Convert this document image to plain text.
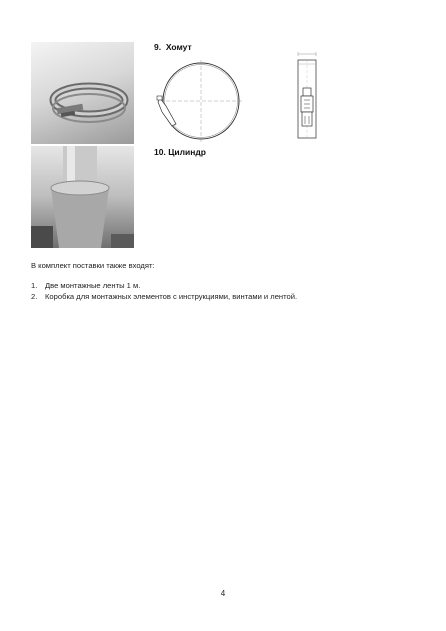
9. Хомут
10. Цилиндр
В комплект поставки также входят:
1.	Две монтажные ленты 1 м.
2.	Коробка для монтажных элементов с инструкциями, винтами и лентой.
4
